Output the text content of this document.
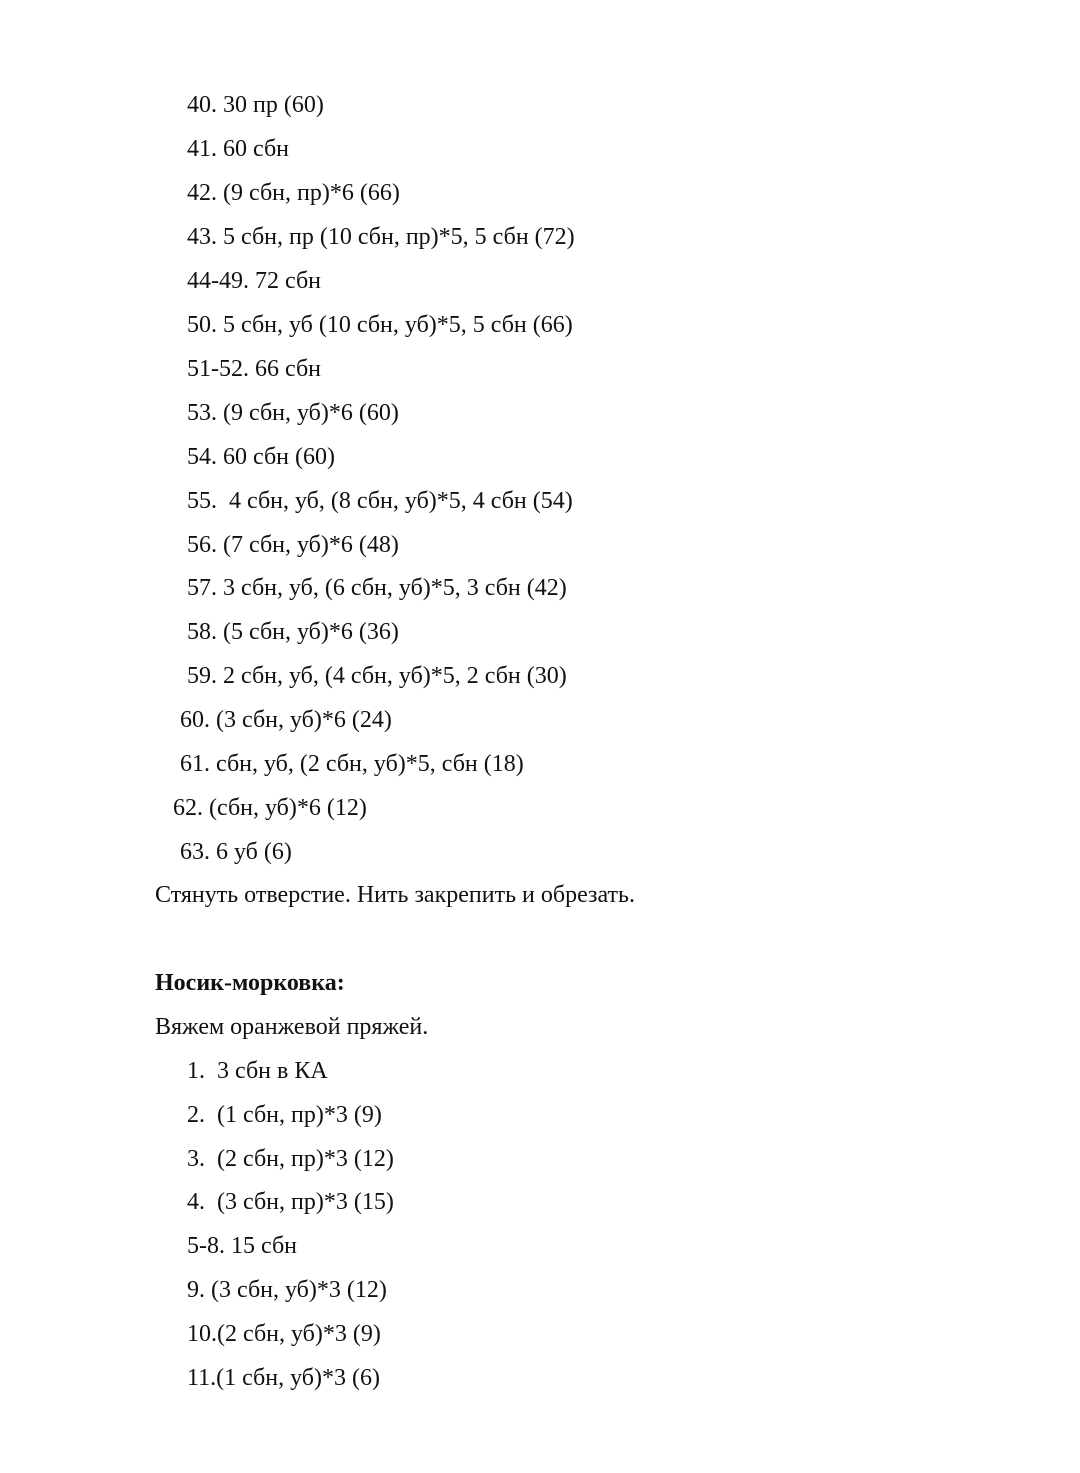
40. 30 пр (60)
41. 60 сбн
42. (9 сбн, пр)*6 (66)
43. 5 сбн, пр (10 сбн, пр)*5, 5 сбн (72)
44-49. 72 сбн
50. 5 сбн, уб (10 сбн, уб)*5, 5 сбн (66)
51-52. 66 сбн
53. (9 сбн, уб)*6 (60)
54. 60 сбн (60)
55.  4 сбн, уб, (8 сбн, уб)*5, 4 сбн (54)
56. (7 сбн, уб)*6 (48)
57. 3 сбн, уб, (6 сбн, уб)*5, 3 сбн (42)
58. (5 сбн, уб)*6 (36)
59. 2 сбн, уб, (4 сбн, уб)*5, 2 сбн (30)
60. (3 сбн, уб)*6 (24)
61. сбн, уб, (2 сбн, уб)*5, сбн (18)
62. (сбн, уб)*6 (12)
63. 6 уб (6)
Стянуть отверстие. Нить закрепить и обрезать.
Носик-морковка:
Вяжем оранжевой пряжей.
1.  3 сбн в КА
2.  (1 сбн, пр)*3 (9)
3.  (2 сбн, пр)*3 (12)
4.  (3 сбн, пр)*3 (15)
5-8. 15 сбн
9. (3 сбн, уб)*3 (12)
10.(2 сбн, уб)*3 (9)
11.(1 сбн, уб)*3 (6)
